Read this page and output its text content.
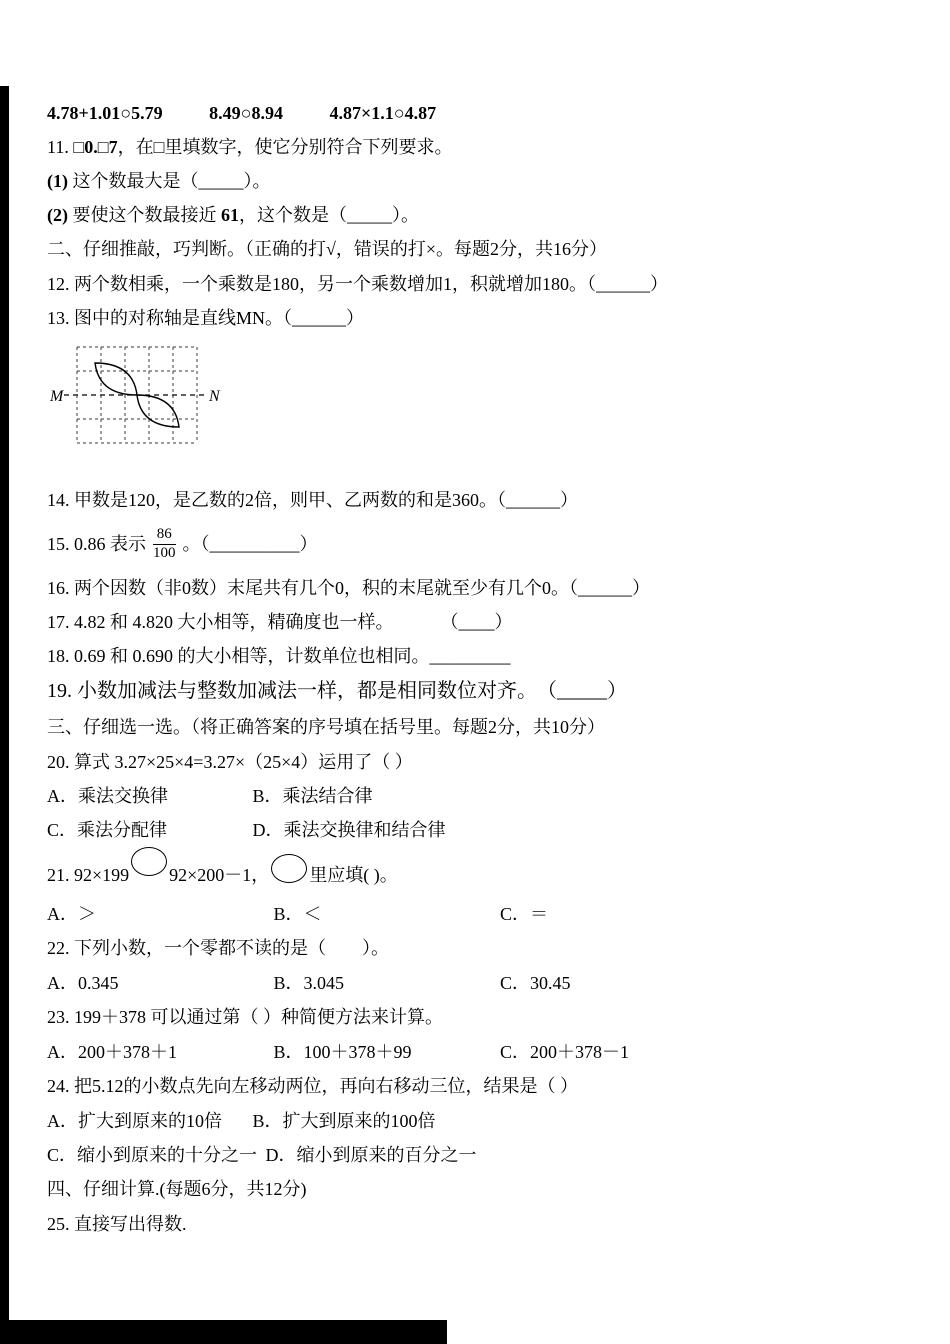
4.78+1.01○5.79	8.49○8.94	4.87×1.1○4.87
11. □0.□7，在□里填数字，使它分别符合下列要求。
(1) 这个数最大是（_____）。
(2) 要使这个数最接近 61，这个数是（_____）。
二、仔细推敲，巧判断。（正确的打√，错误的打×。每题2分，共16分）
12. 两个数相乘，一个乘数是180，另一个乘数增加1，积就增加180。（______）
13. 图中的对称轴是直线MN。（______）
M	N
14. 甲数是120，是乙数的2倍，则甲、乙两数的和是360。（______）
15. 0.86 表示 $\frac{86}{100}$ 。（__________）
16. 两个因数（非0数）末尾共有几个0，积的末尾就至少有几个0。（______）
17. 4.82 和 4.820 大小相等，精确度也一样。	（____）
18. 0.69 和 0.690 的大小相等，计数单位也相同。_________
19. 小数加减法与整数加减法一样，都是相同数位对齐。　（_____）
三、仔细选一选。（将正确答案的序号填在括号里。每题2分，共10分）
20. 算式 3.27×25×4=3.27×（25×4）运用了（ ）
A．乘法交换律	B．乘法结合律
C．乘法分配律	D．乘法交换律和结合律
21. 92×199 92×200－1， 里应填( )。
A．＞	B．＜	C．＝
22. 下列小数，一个零都不读的是（　　）。
A．0.345	B．3.045	C．30.45
23. 199＋378 可以通过第（ ）种简便方法来计算。
A．200＋378＋1	B．100＋378＋99	C．200＋378－1
24. 把5.12的小数点先向左移动两位，再向右移动三位，结果是（ ）
A．扩大到原来的10倍 B．扩大到原来的100倍
C．缩小到原来的十分之一 D．缩小到原来的百分之一
四、仔细计算.(每题6分，共12分)
25. 直接写出得数.
